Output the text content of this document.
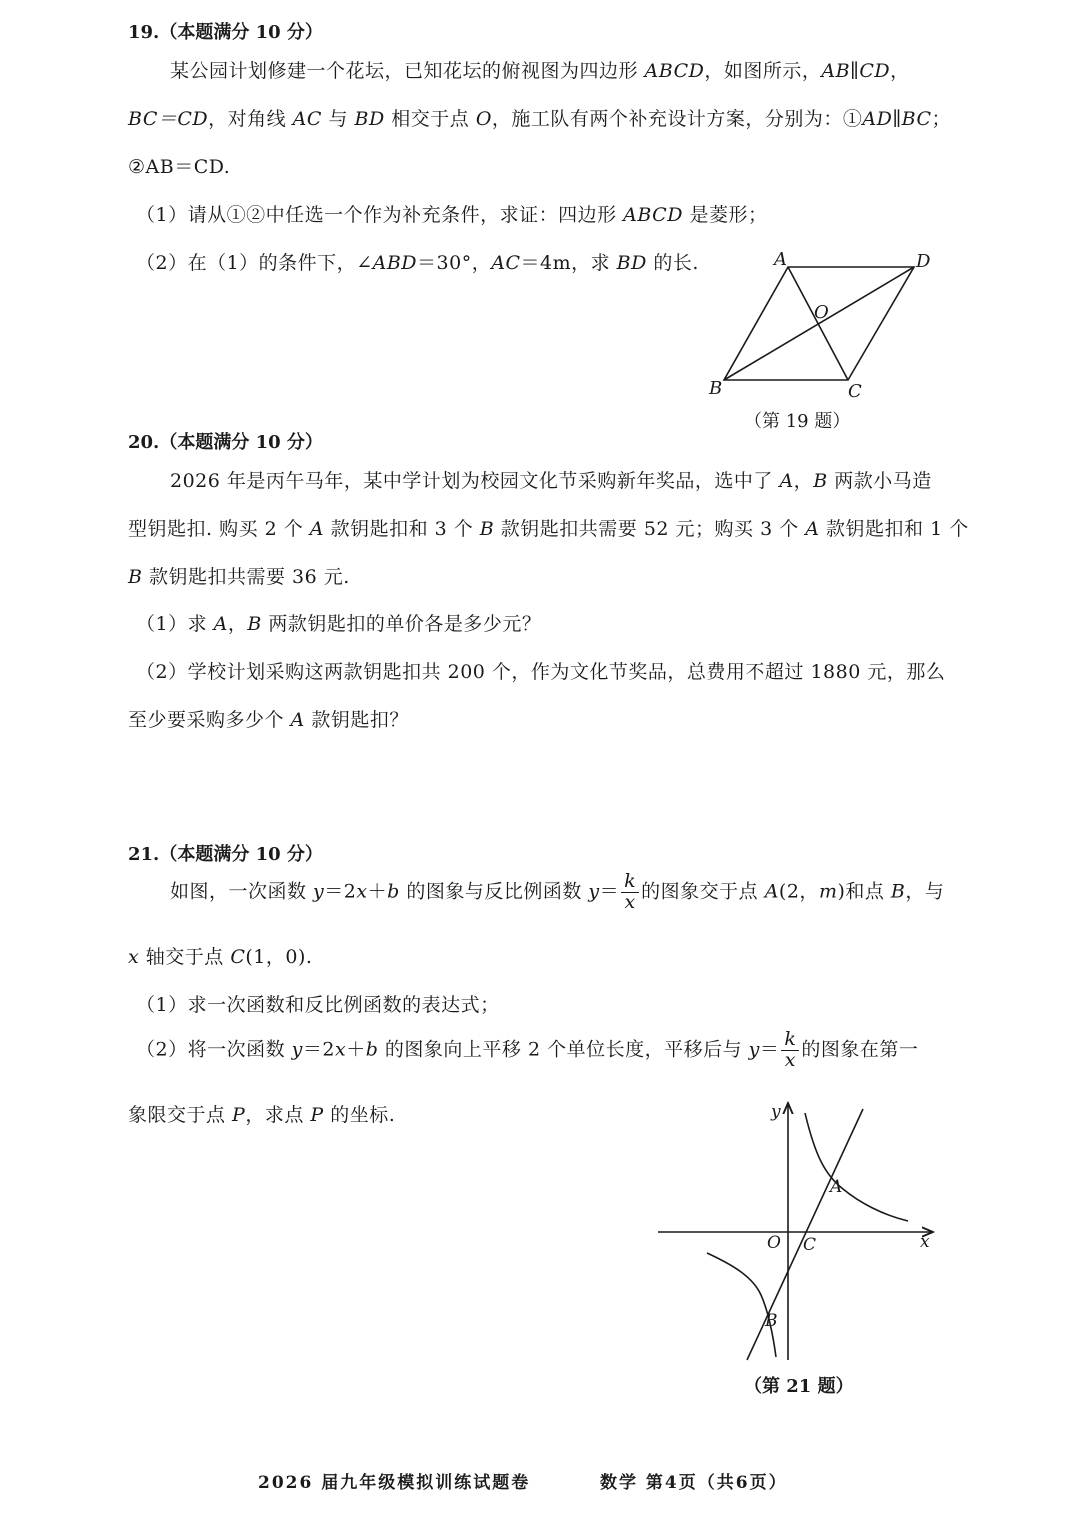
19.（本题满分 10 分）
某公园计划修建一个花坛，已知花坛的俯视图为四边形 ABCD，如图所示，AB∥CD，
BC＝CD，对角线 AC 与 BD 相交于点 O，施工队有两个补充设计方案，分别为：①AD∥BC；
②AB＝CD.
（1）请从①②中任选一个作为补充条件，求证：四边形 ABCD 是菱形；
（2）在（1）的条件下，∠ABD＝30°，AC＝4m，求 BD 的长.	A	D
O
B	C
（第 19 题）
20.（本题满分 10 分）
2026 年是丙午马年，某中学计划为校园文化节采购新年奖品，选中了 A，B 两款小马造
型钥匙扣. 购买 2 个 A 款钥匙扣和 3 个 B 款钥匙扣共需要 52 元；购买 3 个 A 款钥匙扣和 1 个
B 款钥匙扣共需要 36 元.
（1）求 A，B 两款钥匙扣的单价各是多少元？
（2）学校计划采购这两款钥匙扣共 200 个，作为文化节奖品，总费用不超过 1880 元，那么
至少要采购多少个 A 款钥匙扣？
21.（本题满分 10 分）
如图，一次函数 y＝2x＋b 的图象与反比例函数 $y= \frac{k}{x}$ 的图象交于点 A(2，m)和点 B，与
x 轴交于点 C(1，0).
（1）求一次函数和反比例函数的表达式；
（2）将一次函数 y＝2x＋b 的图象向上平移 2 个单位长度，平移后与 $y= \frac{k}{x}$ 的图象在第一
象限交于点 P，求点 P 的坐标.	y
x
O C
A
B
（第 21 题）
2026 届九年级模拟训练试题卷	数学 第4页（共6页）
